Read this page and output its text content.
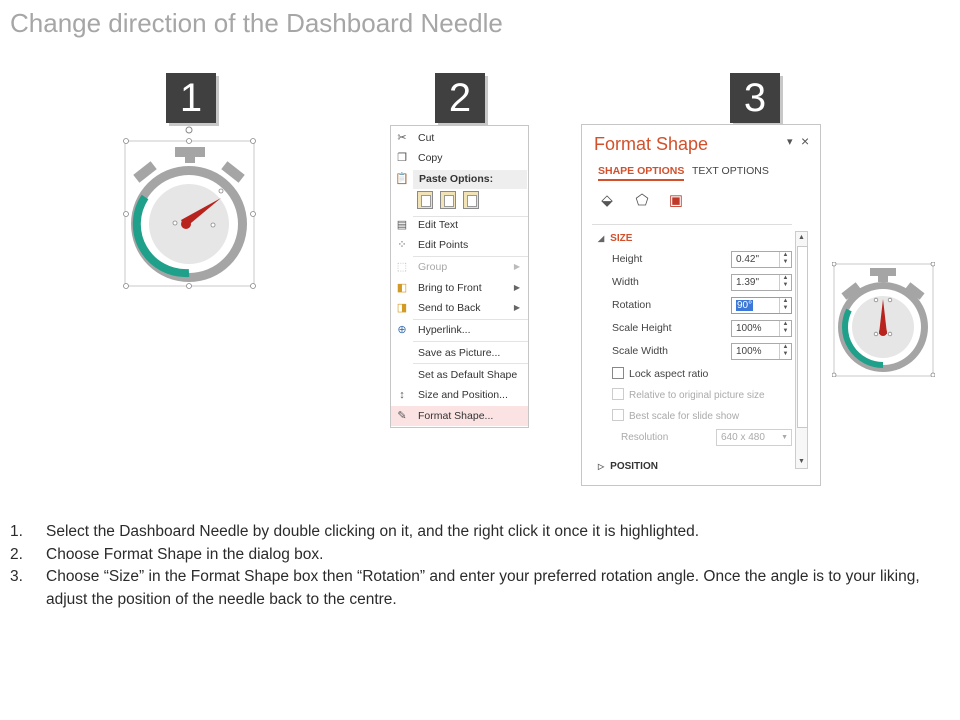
Change direction of the Dashboard Needle
1	2	3
✂ Cut
❐ Copy
📋 Paste Options:
▤ Edit Text
⁘ Edit Points
⬚ Group	▶
◧ Bring to Front	▶
◨ Send to Back	▶
⊕ Hyperlink...
Save as Picture...
Set as Default Shape
↕	Size and Position...
✎ Format Shape...
Format Shape	▾ ×
SHAPE OPTIONS TEXT OPTIONS
⬙ ⬠ ▣
◢ SIZE
Height	0.42"	▲
▼
Width	1.39"	▲
▼
Rotation	90°	▲
▼
Scale Height	100%	▲
▼
Scale Width	100%	▲
▼
Lock aspect ratio
Relative to original picture size
Best scale for slide show
Resolution	640 x 480 ▼
▷ POSITION
▲
▼
1. Select the Dashboard Needle by double clicking on it, and the right click it once it is highlighted.
2. Choose Format Shape in the dialog box.
3. Choose “Size” in the Format Shape box then “Rotation” and enter your preferred rotation angle. Once the angle is to your liking, adjust the position of the needle back to the centre.
